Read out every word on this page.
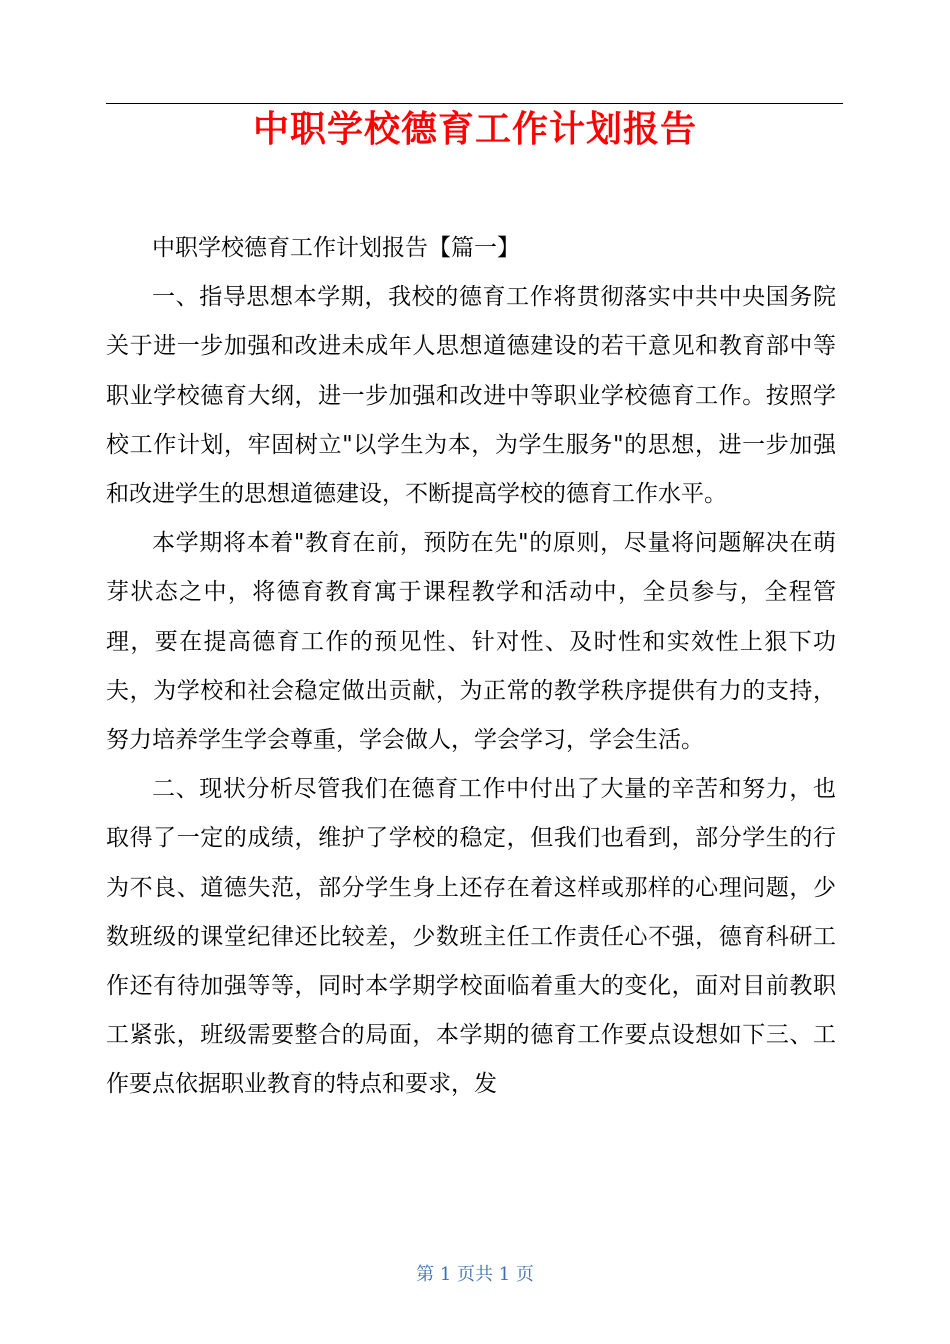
中职学校德育工作计划报告

中职学校德育工作计划报告【篇一】

一、指导思想本学期，我校的德育工作将贯彻落实中共中央国务院关于进一步加强和改进未成年人思想道德建设的若干意见和教育部中等职业学校德育大纲，进一步加强和改进中等职业学校德育工作。按照学校工作计划，牢固树立"以学生为本，为学生服务"的思想，进一步加强和改进学生的思想道德建设，不断提高学校的德育工作水平。

本学期将本着"教育在前，预防在先"的原则，尽量将问题解决在萌芽状态之中，将德育教育寓于课程教学和活动中，全员参与，全程管理，要在提高德育工作的预见性、针对性、及时性和实效性上狠下功夫，为学校和社会稳定做出贡献，为正常的教学秩序提供有力的支持，努力培养学生学会尊重，学会做人，学会学习，学会生活。

二、现状分析尽管我们在德育工作中付出了大量的辛苦和努力，也取得了一定的成绩，维护了学校的稳定，但我们也看到，部分学生的行为不良、道德失范，部分学生身上还存在着这样或那样的心理问题，少数班级的课堂纪律还比较差，少数班主任工作责任心不强，德育科研工作还有待加强等等，同时本学期学校面临着重大的变化，面对目前教职工紧张，班级需要整合的局面，本学期的德育工作要点设想如下三、工作要点依据职业教育的特点和要求，发

第 1 页共 1 页
